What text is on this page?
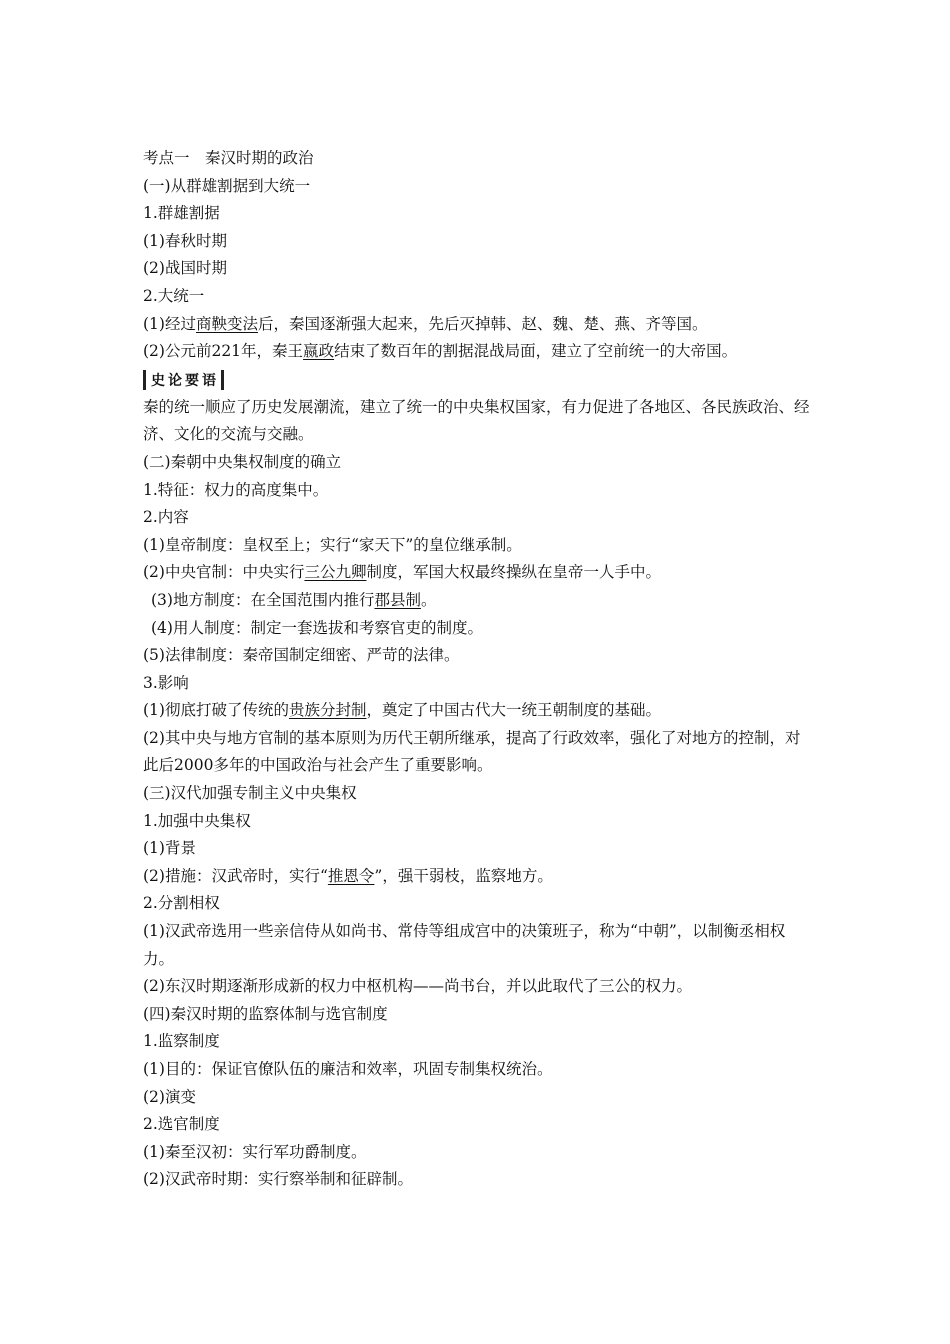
考点一　秦汉时期的政治
(一)从群雄割据到大统一
1.群雄割据
(1)春秋时期
(2)战国时期
2.大统一
(1)经过商鞅变法后，秦国逐渐强大起来，先后灭掉韩、赵、魏、楚、燕、齐等国。
(2)公元前221年，秦王嬴政结束了数百年的割据混战局面，建立了空前统一的大帝国。
史论要语
秦的统一顺应了历史发展潮流，建立了统一的中央集权国家，有力促进了各地区、各民族政治、经济、文化的交流与交融。
(二)秦朝中央集权制度的确立
1.特征：权力的高度集中。
2.内容
(1)皇帝制度：皇权至上；实行“家天下”的皇位继承制。
(2)中央官制：中央实行三公九卿制度，军国大权最终操纵在皇帝一人手中。
(3)地方制度：在全国范围内推行郡县制。
(4)用人制度：制定一套选拔和考察官吏的制度。
(5)法律制度：秦帝国制定细密、严苛的法律。
3.影响
(1)彻底打破了传统的贵族分封制，奠定了中国古代大一统王朝制度的基础。
(2)其中央与地方官制的基本原则为历代王朝所继承，提高了行政效率，强化了对地方的控制，对此后2000多年的中国政治与社会产生了重要影响。
(三)汉代加强专制主义中央集权
1.加强中央集权
(1)背景
(2)措施：汉武帝时，实行“推恩令”，强干弱枝，监察地方。
2.分割相权
(1)汉武帝选用一些亲信侍从如尚书、常侍等组成宫中的决策班子，称为“中朝”，以制衡丞相权力。
(2)东汉时期逐渐形成新的权力中枢机构——尚书台，并以此取代了三公的权力。
(四)秦汉时期的监察体制与选官制度
1.监察制度
(1)目的：保证官僚队伍的廉洁和效率，巩固专制集权统治。
(2)演变
2.选官制度
(1)秦至汉初：实行军功爵制度。
(2)汉武帝时期：实行察举制和征辟制。
